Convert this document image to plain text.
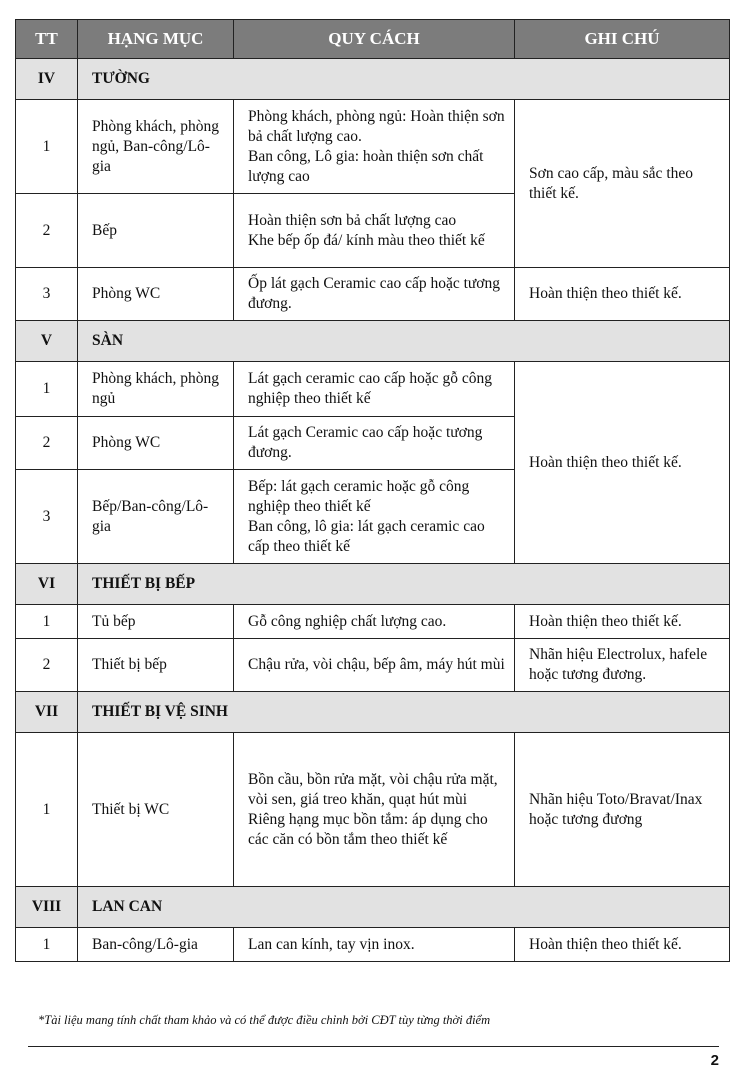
TT	HẠNG MỤC	QUY CÁCH	GHI CHÚ
IV	TƯỜNG		
1	Phòng khách, phòng ngủ, Ban-công/Lô-gia	Phòng khách, phòng ngủ: Hoàn thiện sơn bả chất lượng cao.
Ban công, Lô gia: hoàn thiện sơn chất lượng cao	Sơn cao cấp, màu sắc theo thiết kế.
2	Bếp	Hoàn thiện sơn bả chất lượng cao
Khe bếp ốp đá/ kính màu theo thiết kế	

3	Phòng WC	Ốp lát gạch Ceramic cao cấp hoặc tương đương.	Hoàn thiện theo thiết kế.
V	SÀN		
1	Phòng khách, phòng ngủ	Lát gạch ceramic cao cấp hoặc gỗ công nghiệp theo thiết kế	Hoàn thiện theo thiết kế.
2	Phòng WC	Lát gạch Ceramic cao cấp hoặc tương đương.	
3	Bếp/Ban-công/Lô-gia	Bếp: lát gạch ceramic hoặc gỗ công nghiệp theo thiết kế
Ban công, lô gia: lát gạch ceramic cao cấp theo thiết kế	

VI	THIẾT BỊ BẾP		
1	Tủ bếp	Gỗ công nghiệp chất lượng cao.	Hoàn thiện theo thiết kế.
2	Thiết bị bếp	Chậu rửa, vòi chậu, bếp âm, máy hút mùi	Nhãn hiệu Electrolux, hafele hoặc tương đương.
VII	THIẾT BỊ VỆ SINH		
1	Thiết bị WC	Bồn cầu, bồn rửa mặt, vòi chậu rửa mặt, vòi sen, giá treo khăn, quạt hút mùi
Riêng hạng mục bồn tắm: áp dụng cho các căn có bồn tắm theo thiết kế	Nhãn hiệu Toto/Bravat/Inax hoặc tương đương
VIII	LAN CAN		
1	Ban-công/Lô-gia	Lan can kính, tay vịn inox.	Hoàn thiện theo thiết kế.
*Tài liệu mang tính chất tham khảo và có thể được điều chỉnh bởi CĐT tùy từng thời điểm
2
